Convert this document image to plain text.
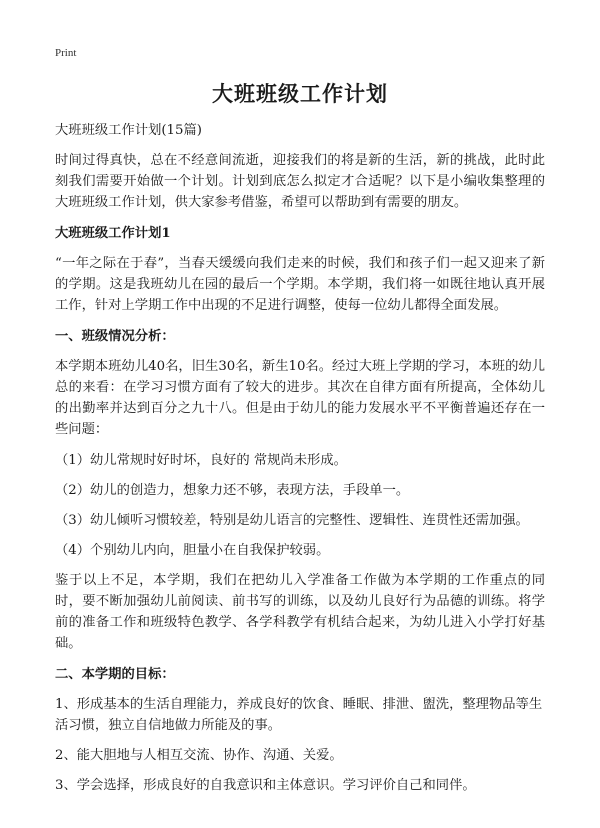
Print
大班班级工作计划

大班班级工作计划(15篇)

时间过得真快，总在不经意间流逝，迎接我们的将是新的生活，新的挑战，此时此刻我们需要开始做一个计划。计划到底怎么拟定才合适呢？以下是小编收集整理的大班班级工作计划，供大家参考借鉴，希望可以帮助到有需要的朋友。

大班班级工作计划1

“一年之际在于春”，当春天缓缓向我们走来的时候，我们和孩子们一起又迎来了新的学期。这是我班幼儿在园的最后一个学期。本学期，我们将一如既往地认真开展工作，针对上学期工作中出现的不足进行调整，使每一位幼儿都得全面发展。

一、班级情况分析：

本学期本班幼儿40名，旧生30名，新生10名。经过大班上学期的学习，本班的幼儿总的来看：在学习习惯方面有了较大的进步。其次在自律方面有所提高，全体幼儿的出勤率并达到百分之九十八。但是由于幼儿的能力发展水平不平衡普遍还存在一些问题：

（1）幼儿常规时好时坏，良好的 常规尚未形成。

（2）幼儿的创造力，想象力还不够，表现方法，手段单一。

（3）幼儿倾听习惯较差，特别是幼儿语言的完整性、逻辑性、连贯性还需加强。

（4）个别幼儿内向，胆量小在自我保护较弱。

鉴于以上不足，本学期，我们在把幼儿入学准备工作做为本学期的工作重点的同时，要不断加强幼儿前阅读、前书写的训练，以及幼儿良好行为品德的训练。将学前的准备工作和班级特色教学、各学科教学有机结合起来，为幼儿进入小学打好基础。

二、本学期的目标：

1、形成基本的生活自理能力，养成良好的饮食、睡眠、排泄、盥洗，整理物品等生活习惯，独立自信地做力所能及的事。

2、能大胆地与人相互交流、协作、沟通、关爱。

3、学会选择，形成良好的自我意识和主体意识。学习评价自己和同伴。
